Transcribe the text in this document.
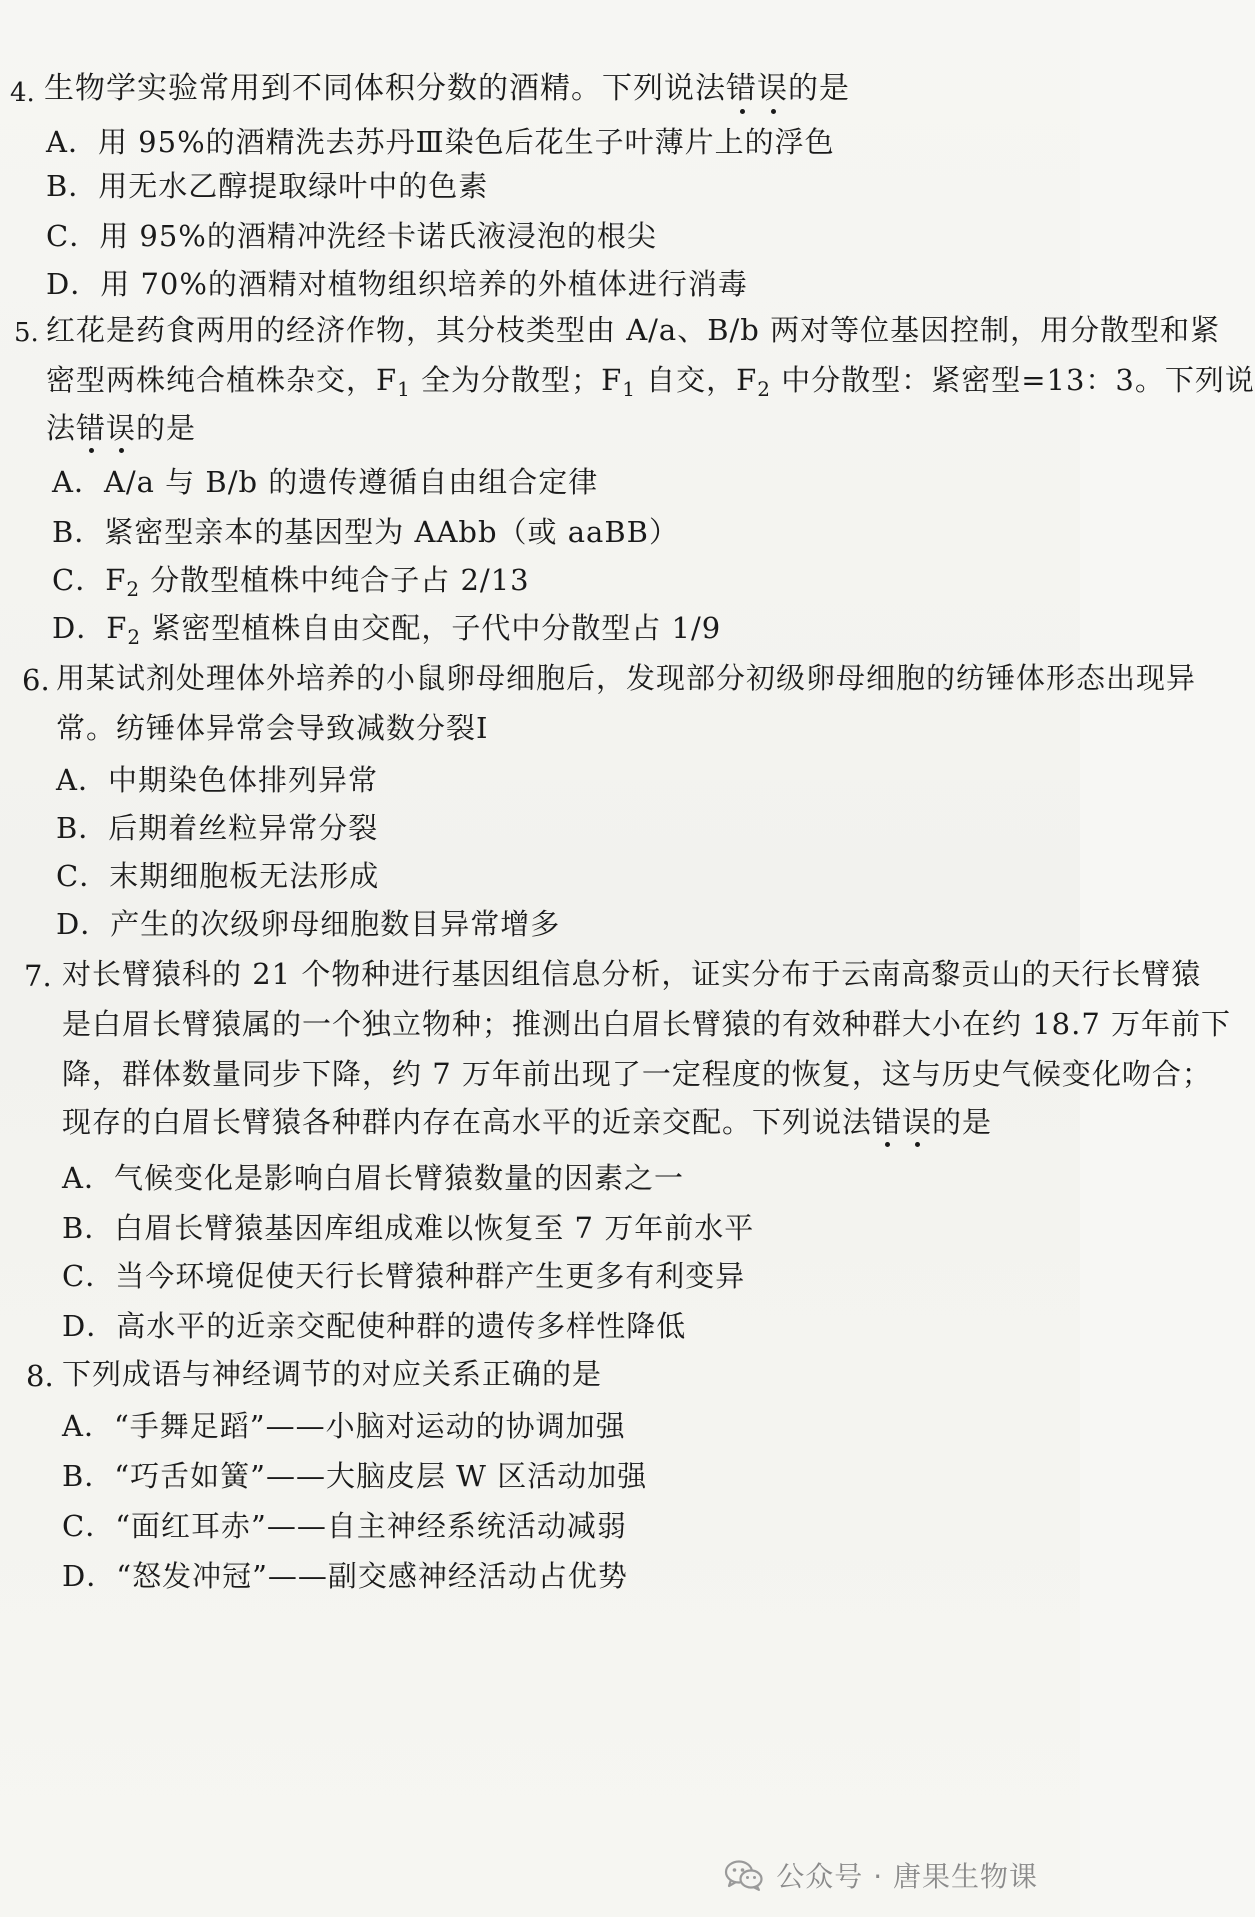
4. 生物学实验常用到不同体积分数的酒精。下列说法错误的是
A．用 95%的酒精洗去苏丹Ⅲ染色后花生子叶薄片上的浮色
B．用无水乙醇提取绿叶中的色素
C．用 95%的酒精冲洗经卡诺氏液浸泡的根尖
D．用 70%的酒精对植物组织培养的外植体进行消毒
5. 红花是药食两用的经济作物，其分枝类型由 A/a、B/b 两对等位基因控制，用分散型和紧
密型两株纯合植株杂交，$F_1$ 全为分散型；$F_1$ 自交，$F_2$ 中分散型：紧密型=13：3。下列说
法错误的是
A．A/a 与 B/b 的遗传遵循自由组合定律
B．紧密型亲本的基因型为 AAbb（或 aaBB）
C．$F_2$ 分散型植株中纯合子占 2/13
D．$F_2$ 紧密型植株自由交配，子代中分散型占 1/9
6. 用某试剂处理体外培养的小鼠卵母细胞后，发现部分初级卵母细胞的纺锤体形态出现异
常。纺锤体异常会导致减数分裂Ⅰ
A．中期染色体排列异常
B．后期着丝粒异常分裂
C．末期细胞板无法形成
D．产生的次级卵母细胞数目异常增多
7. 对长臂猿科的 21 个物种进行基因组信息分析，证实分布于云南高黎贡山的天行长臂猿
是白眉长臂猿属的一个独立物种；推测出白眉长臂猿的有效种群大小在约 18.7 万年前下
降，群体数量同步下降，约 7 万年前出现了一定程度的恢复，这与历史气候变化吻合；
现存的白眉长臂猿各种群内存在高水平的近亲交配。下列说法错误的是
A．气候变化是影响白眉长臂猿数量的因素之一
B．白眉长臂猿基因库组成难以恢复至 7 万年前水平
C．当今环境促使天行长臂猿种群产生更多有利变异
D．高水平的近亲交配使种群的遗传多样性降低
8. 下列成语与神经调节的对应关系正确的是
A．“手舞足蹈”——小脑对运动的协调加强
B．“巧舌如簧”——大脑皮层 W 区活动加强
C．“面红耳赤”——自主神经系统活动减弱
D．“怒发冲冠”——副交感神经活动占优势
公众号 · 唐果生物课
